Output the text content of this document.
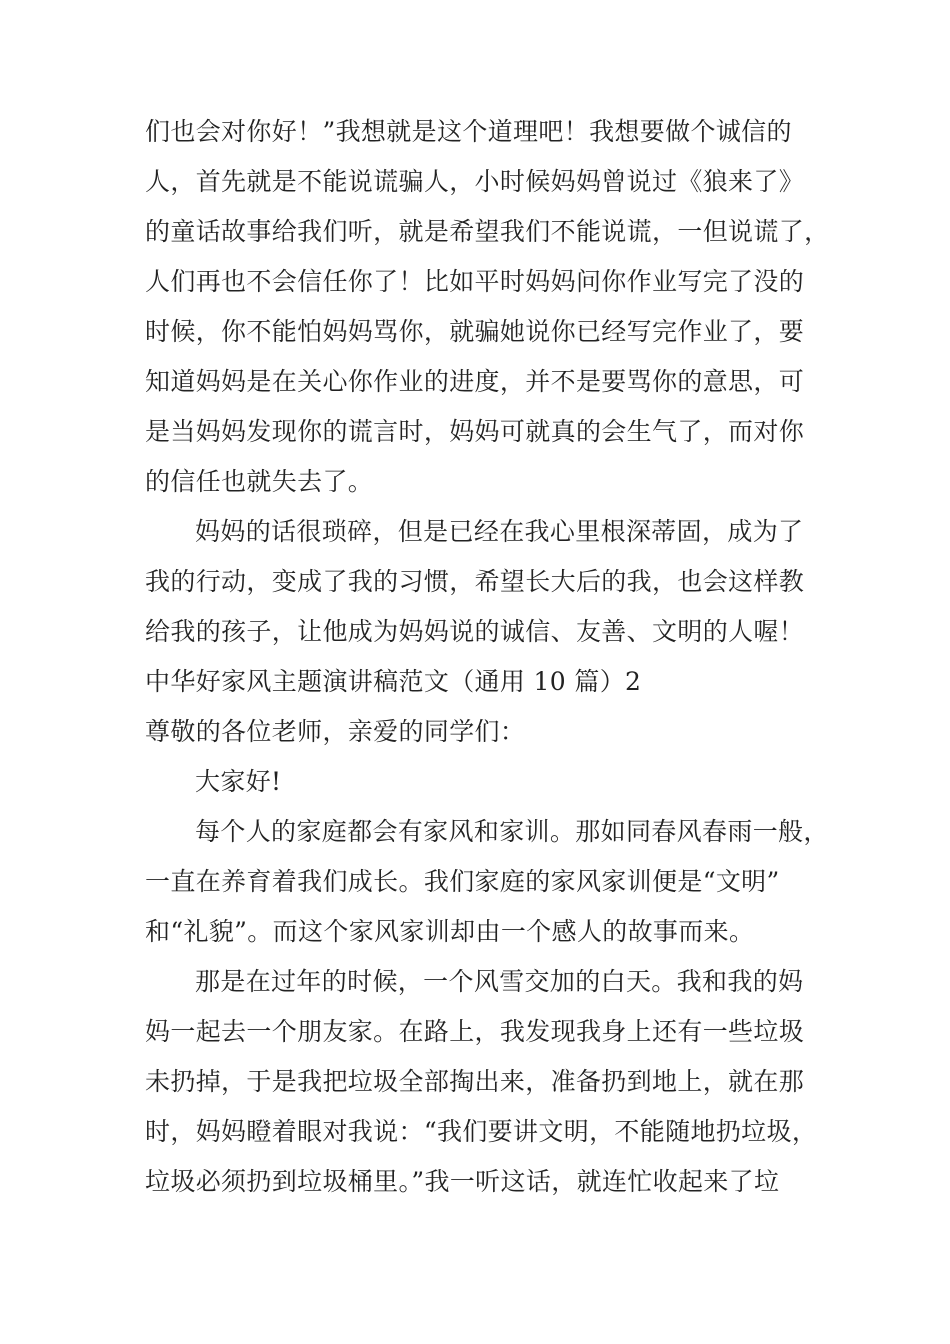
们也会对你好！”我想就是这个道理吧！我想要做个诚信的
人，首先就是不能说谎骗人，小时候妈妈曾说过《狼来了》
的童话故事给我们听，就是希望我们不能说谎，一但说谎了，
人们再也不会信任你了！比如平时妈妈问你作业写完了没的
时候，你不能怕妈妈骂你，就骗她说你已经写完作业了，要
知道妈妈是在关心你作业的进度，并不是要骂你的意思，可
是当妈妈发现你的谎言时，妈妈可就真的会生气了，而对你
的信任也就失去了。
妈妈的话很琐碎，但是已经在我心里根深蒂固，成为了
我的行动，变成了我的习惯，希望长大后的我，也会这样教
给我的孩子，让他成为妈妈说的诚信、友善、文明的人喔！
中华好家风主题演讲稿范文（通用 10 篇）2
尊敬的各位老师，亲爱的同学们：
大家好!
每个人的家庭都会有家风和家训。那如同春风春雨一般，
一直在养育着我们成长。我们家庭的家风家训便是“文明”
和“礼貌”。而这个家风家训却由一个感人的故事而来。
那是在过年的时候，一个风雪交加的白天。我和我的妈
妈一起去一个朋友家。在路上，我发现我身上还有一些垃圾
未扔掉，于是我把垃圾全部掏出来，准备扔到地上，就在那
时，妈妈瞪着眼对我说：“我们要讲文明，不能随地扔垃圾，
垃圾必须扔到垃圾桶里。”我一听这话，就连忙收起来了垃
